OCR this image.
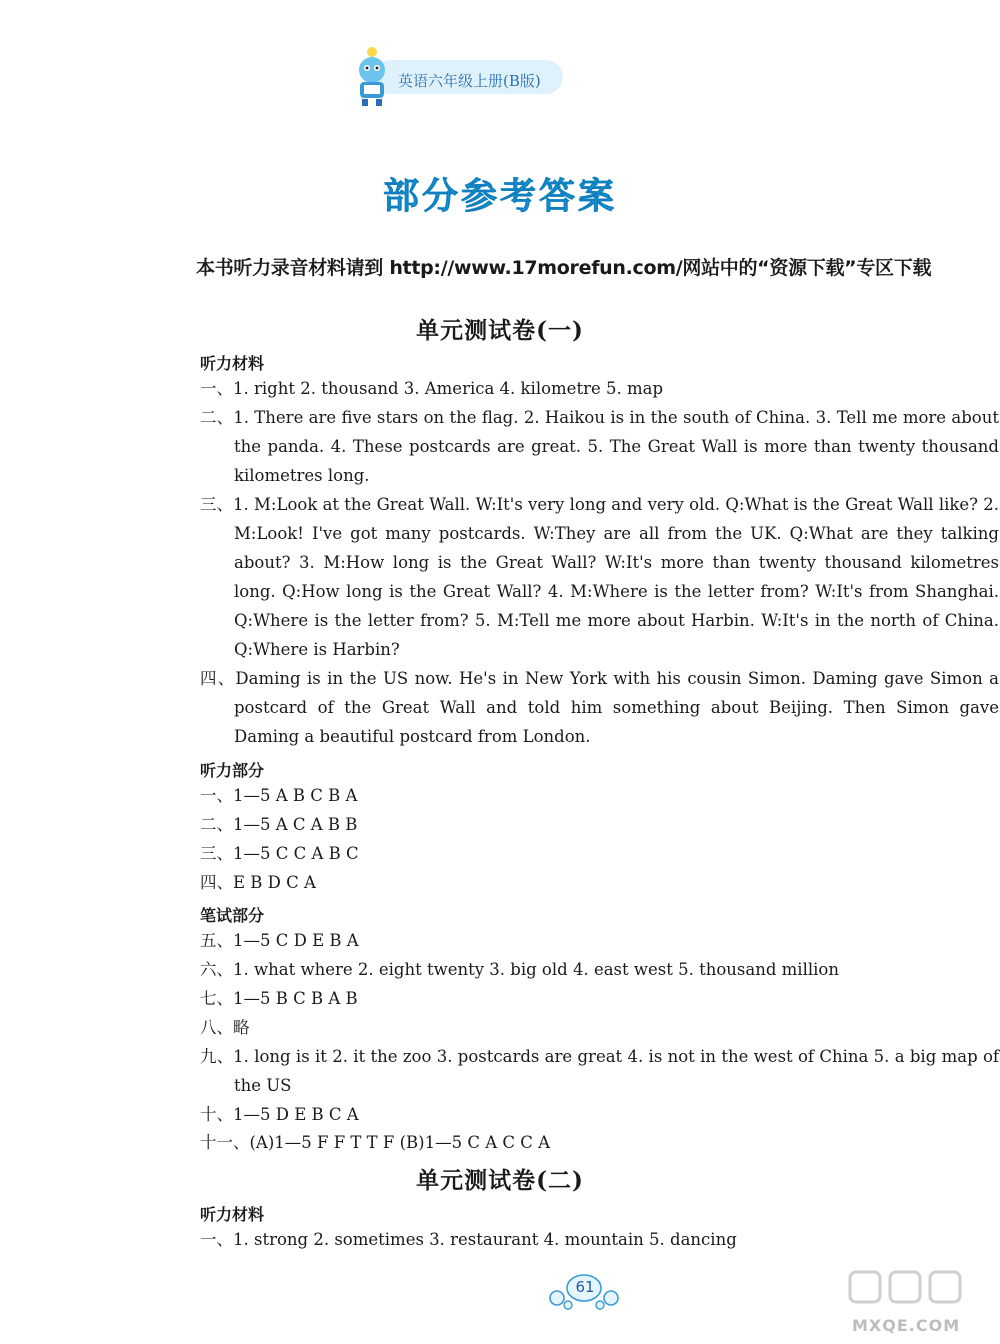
英语六年级上册(B版)
部分参考答案
本书听力录音材料请到 http://www.17morefun.com/网站中的“资源下载”专区下载
单元测试卷(一)
听力材料
一、1. right 2. thousand 3. America 4. kilometre 5. map
二、1. There are five stars on the flag. 2. Haikou is in the south of China. 3. Tell me more about the panda. 4. These postcards are great. 5. The Great Wall is more than twenty thousand kilometres long.
三、1. M:Look at the Great Wall. W:It's very long and very old. Q:What is the Great Wall like? 2. M:Look! I've got many postcards. W:They are all from the UK. Q:What are they talking about? 3. M:How long is the Great Wall? W:It's more than twenty thousand kilometres long. Q:How long is the Great Wall? 4. M:Where is the letter from? W:It's from Shanghai. Q:Where is the letter from? 5. M:Tell me more about Harbin. W:It's in the north of China. Q:Where is Harbin?
四、Daming is in the US now. He's in New York with his cousin Simon. Daming gave Simon a postcard of the Great Wall and told him something about Beijing. Then Simon gave Daming a beautiful postcard from London.
听力部分
一、1—5 A B C B A
二、1—5 A C A B B
三、1—5 C C A B C
四、E B D C A
笔试部分
五、1—5 C D E B A
六、1. what where 2. eight twenty 3. big old 4. east west 5. thousand million
七、1—5 B C B A B
八、略
九、1. long is it 2. it the zoo 3. postcards are great 4. is not in the west of China 5. a big map of the US
十、1—5 D E B C A
十一、(A)1—5 F F T T F (B)1—5 C A C C A
单元测试卷(二)
听力材料
一、1. strong 2. sometimes 3. restaurant 4. mountain 5. dancing
61
MXQE.COM
